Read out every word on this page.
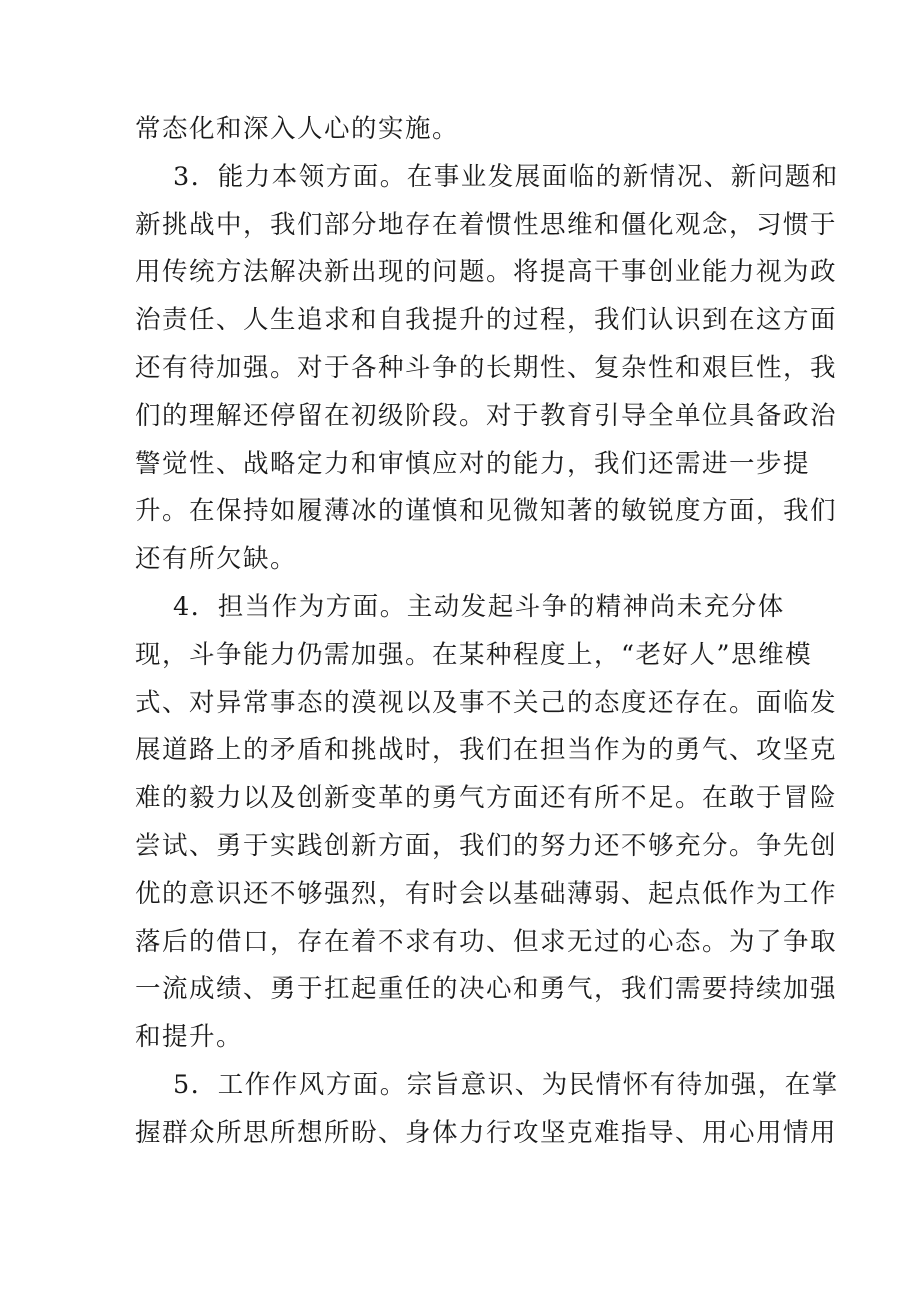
常态化和深入人心的实施。
3．能力本领方面。在事业发展面临的新情况、新问题和
新挑战中，我们部分地存在着惯性思维和僵化观念，习惯于
用传统方法解决新出现的问题。将提高干事创业能力视为政
治责任、人生追求和自我提升的过程，我们认识到在这方面
还有待加强。对于各种斗争的长期性、复杂性和艰巨性，我
们的理解还停留在初级阶段。对于教育引导全单位具备政治
警觉性、战略定力和审慎应对的能力，我们还需进一步提
升。在保持如履薄冰的谨慎和见微知著的敏锐度方面，我们
还有所欠缺。
4．担当作为方面。主动发起斗争的精神尚未充分体
现，斗争能力仍需加强。在某种程度上，“老好人”思维模
式、对异常事态的漠视以及事不关己的态度还存在。面临发
展道路上的矛盾和挑战时，我们在担当作为的勇气、攻坚克
难的毅力以及创新变革的勇气方面还有所不足。在敢于冒险
尝试、勇于实践创新方面，我们的努力还不够充分。争先创
优的意识还不够强烈，有时会以基础薄弱、起点低作为工作
落后的借口，存在着不求有功、但求无过的心态。为了争取
一流成绩、勇于扛起重任的决心和勇气，我们需要持续加强
和提升。
5．工作作风方面。宗旨意识、为民情怀有待加强，在掌
握群众所思所想所盼、身体力行攻坚克难指导、用心用情用
